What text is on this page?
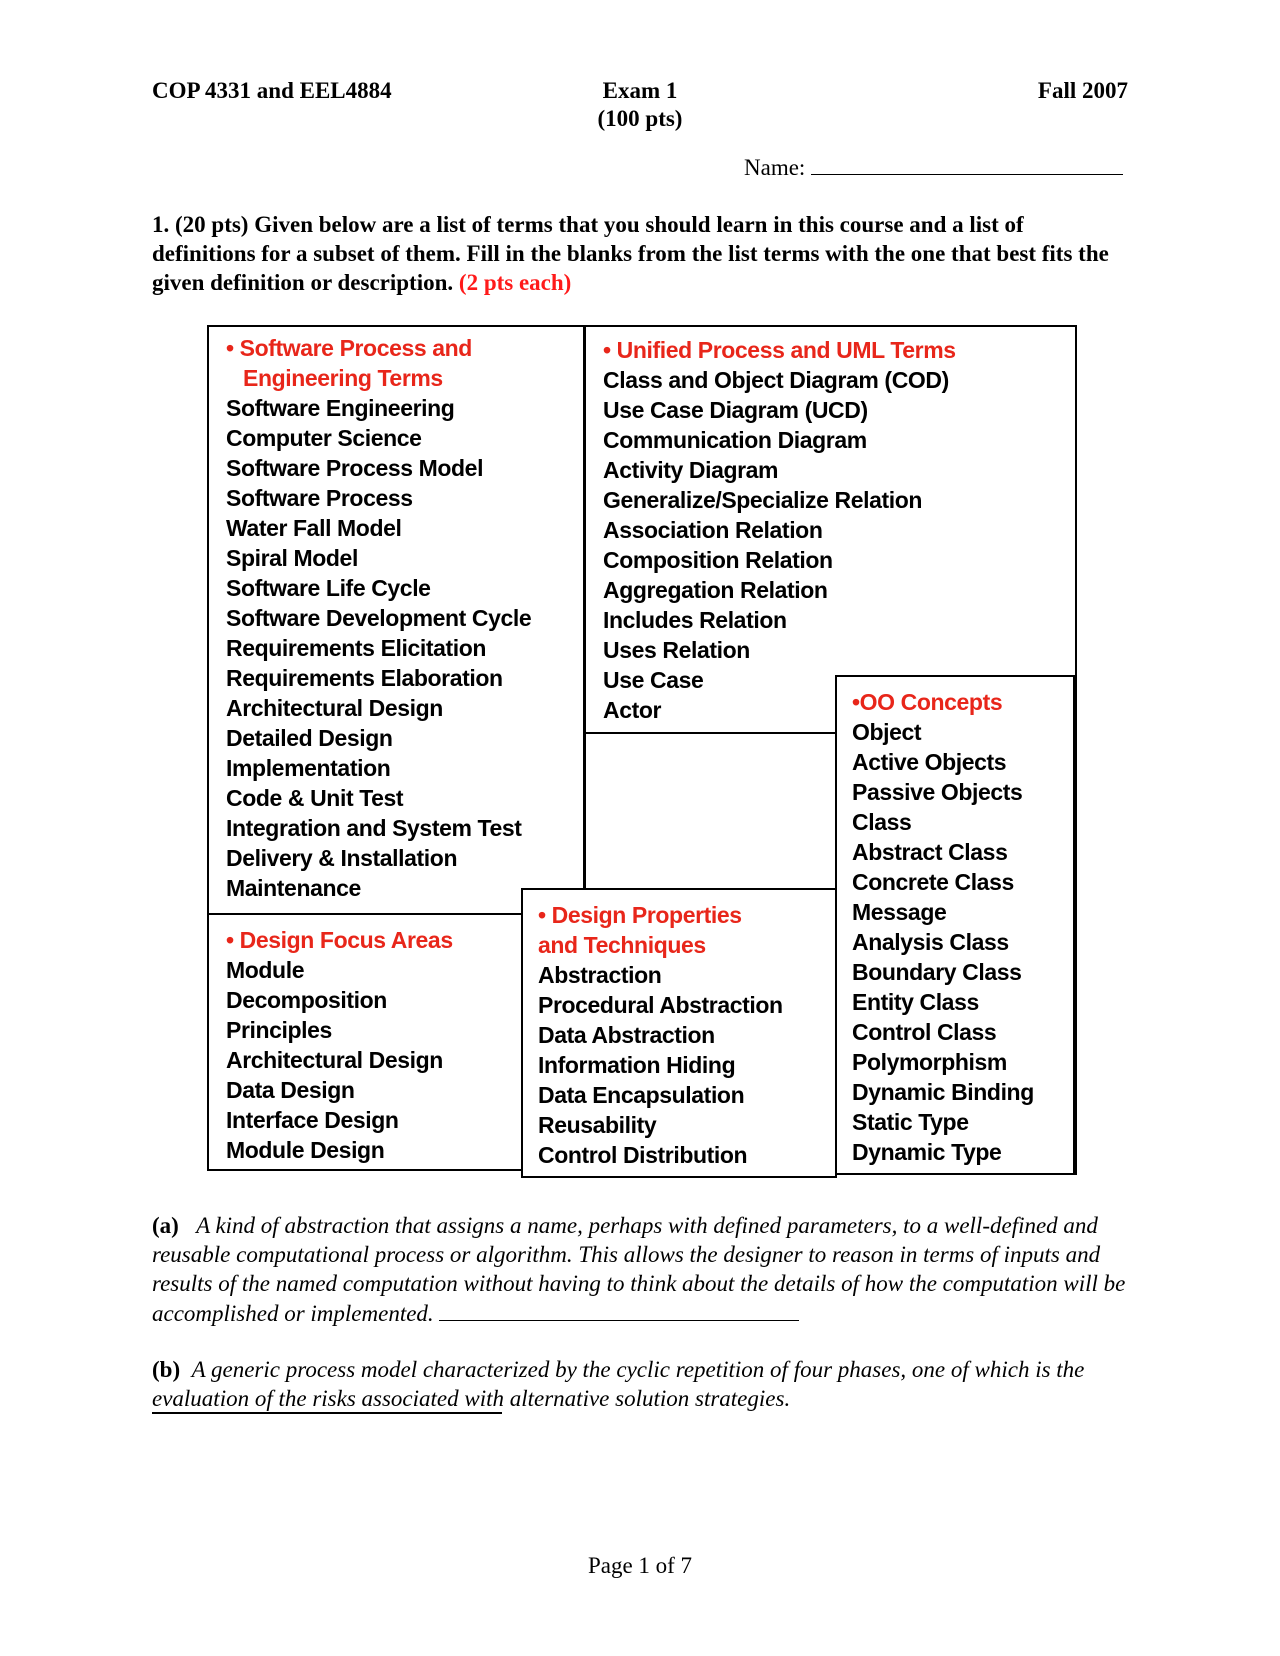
COP 4331 and EEL4884	Exam 1
(100 pts)
Fall 2007
Name:
1. (20 pts) Given below are a list of terms that you should learn in this course and a list of definitions for a subset of them. Fill in the blanks from the list terms with the one that best fits the given definition or description. (2 pts each)
• Software Process and
Engineering Terms
Software Engineering
Computer Science
Software Process Model
Software Process
Water Fall Model
Spiral Model
Software Life Cycle
Software Development Cycle
Requirements Elicitation
Requirements Elaboration
Architectural Design
Detailed Design
Implementation
Code & Unit Test
Integration and System Test
Delivery & Installation
Maintenance
• Unified Process and UML Terms
Class and Object Diagram (COD)
Use Case Diagram (UCD)
Communication Diagram
Activity Diagram
Generalize/Specialize Relation
Association Relation
Composition Relation
Aggregation Relation
Includes Relation
Uses Relation
Use Case
Actor
• Design Focus Areas
Module
Decomposition
Principles
Architectural Design
Data Design
Interface Design
Module Design
• Design Properties
and Techniques
Abstraction
Procedural Abstraction
Data Abstraction
Information Hiding
Data Encapsulation
Reusability
Control Distribution
•OO Concepts
Object
Active Objects
Passive Objects
Class
Abstract Class
Concrete Class
Message
Analysis Class
Boundary Class
Entity Class
Control Class
Polymorphism
Dynamic Binding
Static Type
Dynamic Type
(a) A kind of abstraction that assigns a name, perhaps with defined parameters, to a well-defined and reusable computational process or algorithm. This allows the designer to reason in terms of inputs and results of the named computation without having to think about the details of how the computation will be accomplished or implemented.
(b) A generic process model characterized by the cyclic repetition of four phases, one of which is the evaluation of the risks associated with alternative solution strategies.
Page 1 of 7
